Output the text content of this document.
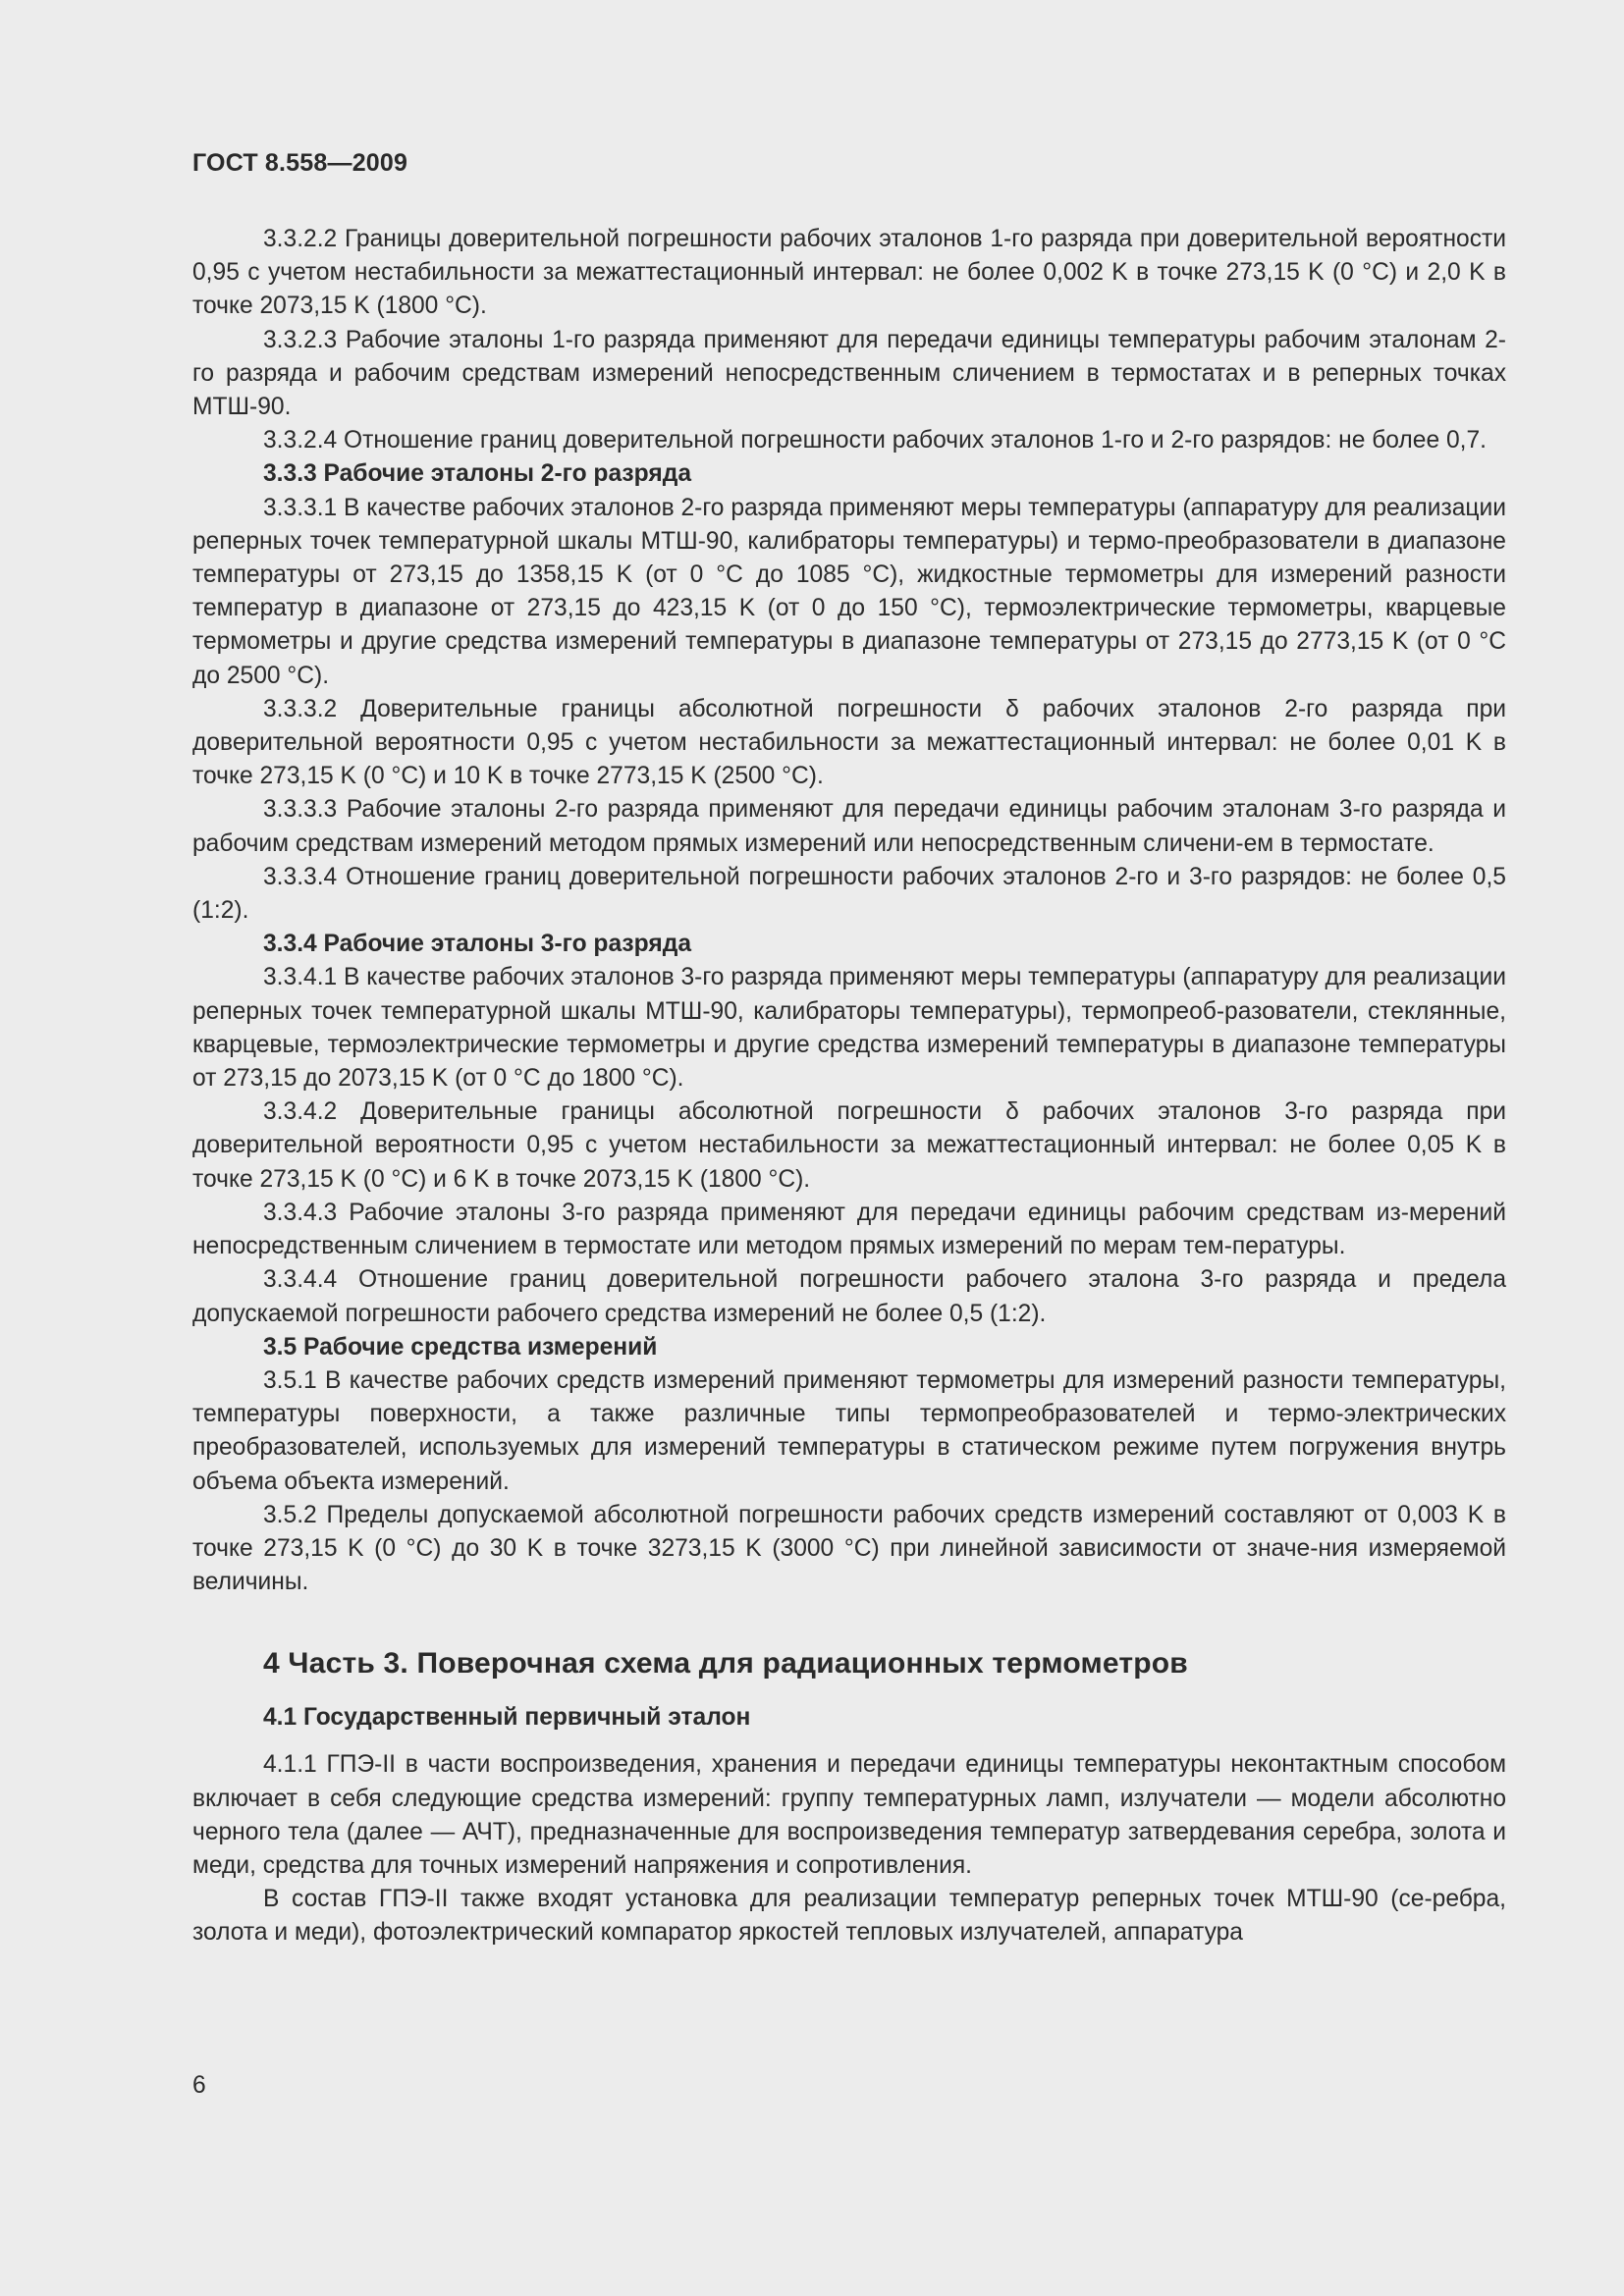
ГОСТ 8.558—2009

3.3.2.2 Границы доверительной погрешности рабочих эталонов 1-го разряда при доверительной вероятности 0,95 с учетом нестабильности за межаттестационный интервал: не более 0,002 K в точке 273,15 K (0 °C) и 2,0 K в точке 2073,15 K (1800 °C).

3.3.2.3 Рабочие эталоны 1-го разряда применяют для передачи единицы температуры рабочим эталонам 2-го разряда и рабочим средствам измерений непосредственным сличением в термостатах и в реперных точках МТШ-90.

3.3.2.4 Отношение границ доверительной погрешности рабочих эталонов 1-го и 2-го разрядов: не более 0,7.

3.3.3 Рабочие эталоны 2-го разряда

3.3.3.1 В качестве рабочих эталонов 2-го разряда применяют меры температуры (аппаратуру для реализации реперных точек температурной шкалы МТШ-90, калибраторы температуры) и термо-преобразователи в диапазоне температуры от 273,15 до 1358,15 K (от 0 °C до 1085 °C), жидкостные термометры для измерений разности температур в диапазоне от 273,15 до 423,15 K (от 0 до 150 °C), термоэлектрические термометры, кварцевые термометры и другие средства измерений температуры в диапазоне температуры от 273,15 до 2773,15 K (от 0 °C до 2500 °C).

3.3.3.2 Доверительные границы абсолютной погрешности δ рабочих эталонов 2-го разряда при доверительной вероятности 0,95 с учетом нестабильности за межаттестационный интервал: не более 0,01 K в точке 273,15 K (0 °C) и 10 K в точке 2773,15 K (2500 °C).

3.3.3.3 Рабочие эталоны 2-го разряда применяют для передачи единицы рабочим эталонам 3-го разряда и рабочим средствам измерений методом прямых измерений или непосредственным сличени-ем в термостате.

3.3.3.4 Отношение границ доверительной погрешности рабочих эталонов 2-го и 3-го разрядов: не более 0,5 (1:2).

3.3.4 Рабочие эталоны 3-го разряда

3.3.4.1 В качестве рабочих эталонов 3-го разряда применяют меры температуры (аппаратуру для реализации реперных точек температурной шкалы МТШ-90, калибраторы температуры), термопреоб-разователи, стеклянные, кварцевые, термоэлектрические термометры и другие средства измерений температуры в диапазоне температуры от 273,15 до 2073,15 K (от 0 °C до 1800 °C).

3.3.4.2 Доверительные границы абсолютной погрешности δ рабочих эталонов 3-го разряда при доверительной вероятности 0,95 с учетом нестабильности за межаттестационный интервал: не более 0,05 K в точке 273,15 K (0 °C) и 6 K в точке 2073,15 K (1800 °C).

3.3.4.3 Рабочие эталоны 3-го разряда применяют для передачи единицы рабочим средствам из-мерений непосредственным сличением в термостате или методом прямых измерений по мерам тем-пературы.

3.3.4.4 Отношение границ доверительной погрешности рабочего эталона 3-го разряда и предела допускаемой погрешности рабочего средства измерений не более 0,5 (1:2).

3.5 Рабочие средства измерений

3.5.1 В качестве рабочих средств измерений применяют термометры для измерений разности температуры, температуры поверхности, а также различные типы термопреобразователей и термо-электрических преобразователей, используемых для измерений температуры в статическом режиме путем погружения внутрь объема объекта измерений.

3.5.2 Пределы допускаемой абсолютной погрешности рабочих средств измерений составляют от 0,003 K в точке 273,15 K (0 °C) до 30 K в точке 3273,15 K (3000 °C) при линейной зависимости от значе-ния измеряемой величины.

4 Часть 3. Поверочная схема для радиационных термометров
4.1 Государственный первичный эталон

4.1.1 ГПЭ-II в части воспроизведения, хранения и передачи единицы температуры неконтактным способом включает в себя следующие средства измерений: группу температурных ламп, излучатели — модели абсолютно черного тела (далее — АЧТ), предназначенные для воспроизведения температур затвердевания серебра, золота и меди, средства для точных измерений напряжения и сопротивления.

В состав ГПЭ-II также входят установка для реализации температур реперных точек МТШ-90 (се-ребра, золота и меди), фотоэлектрический компаратор яркостей тепловых излучателей, аппаратура

6
